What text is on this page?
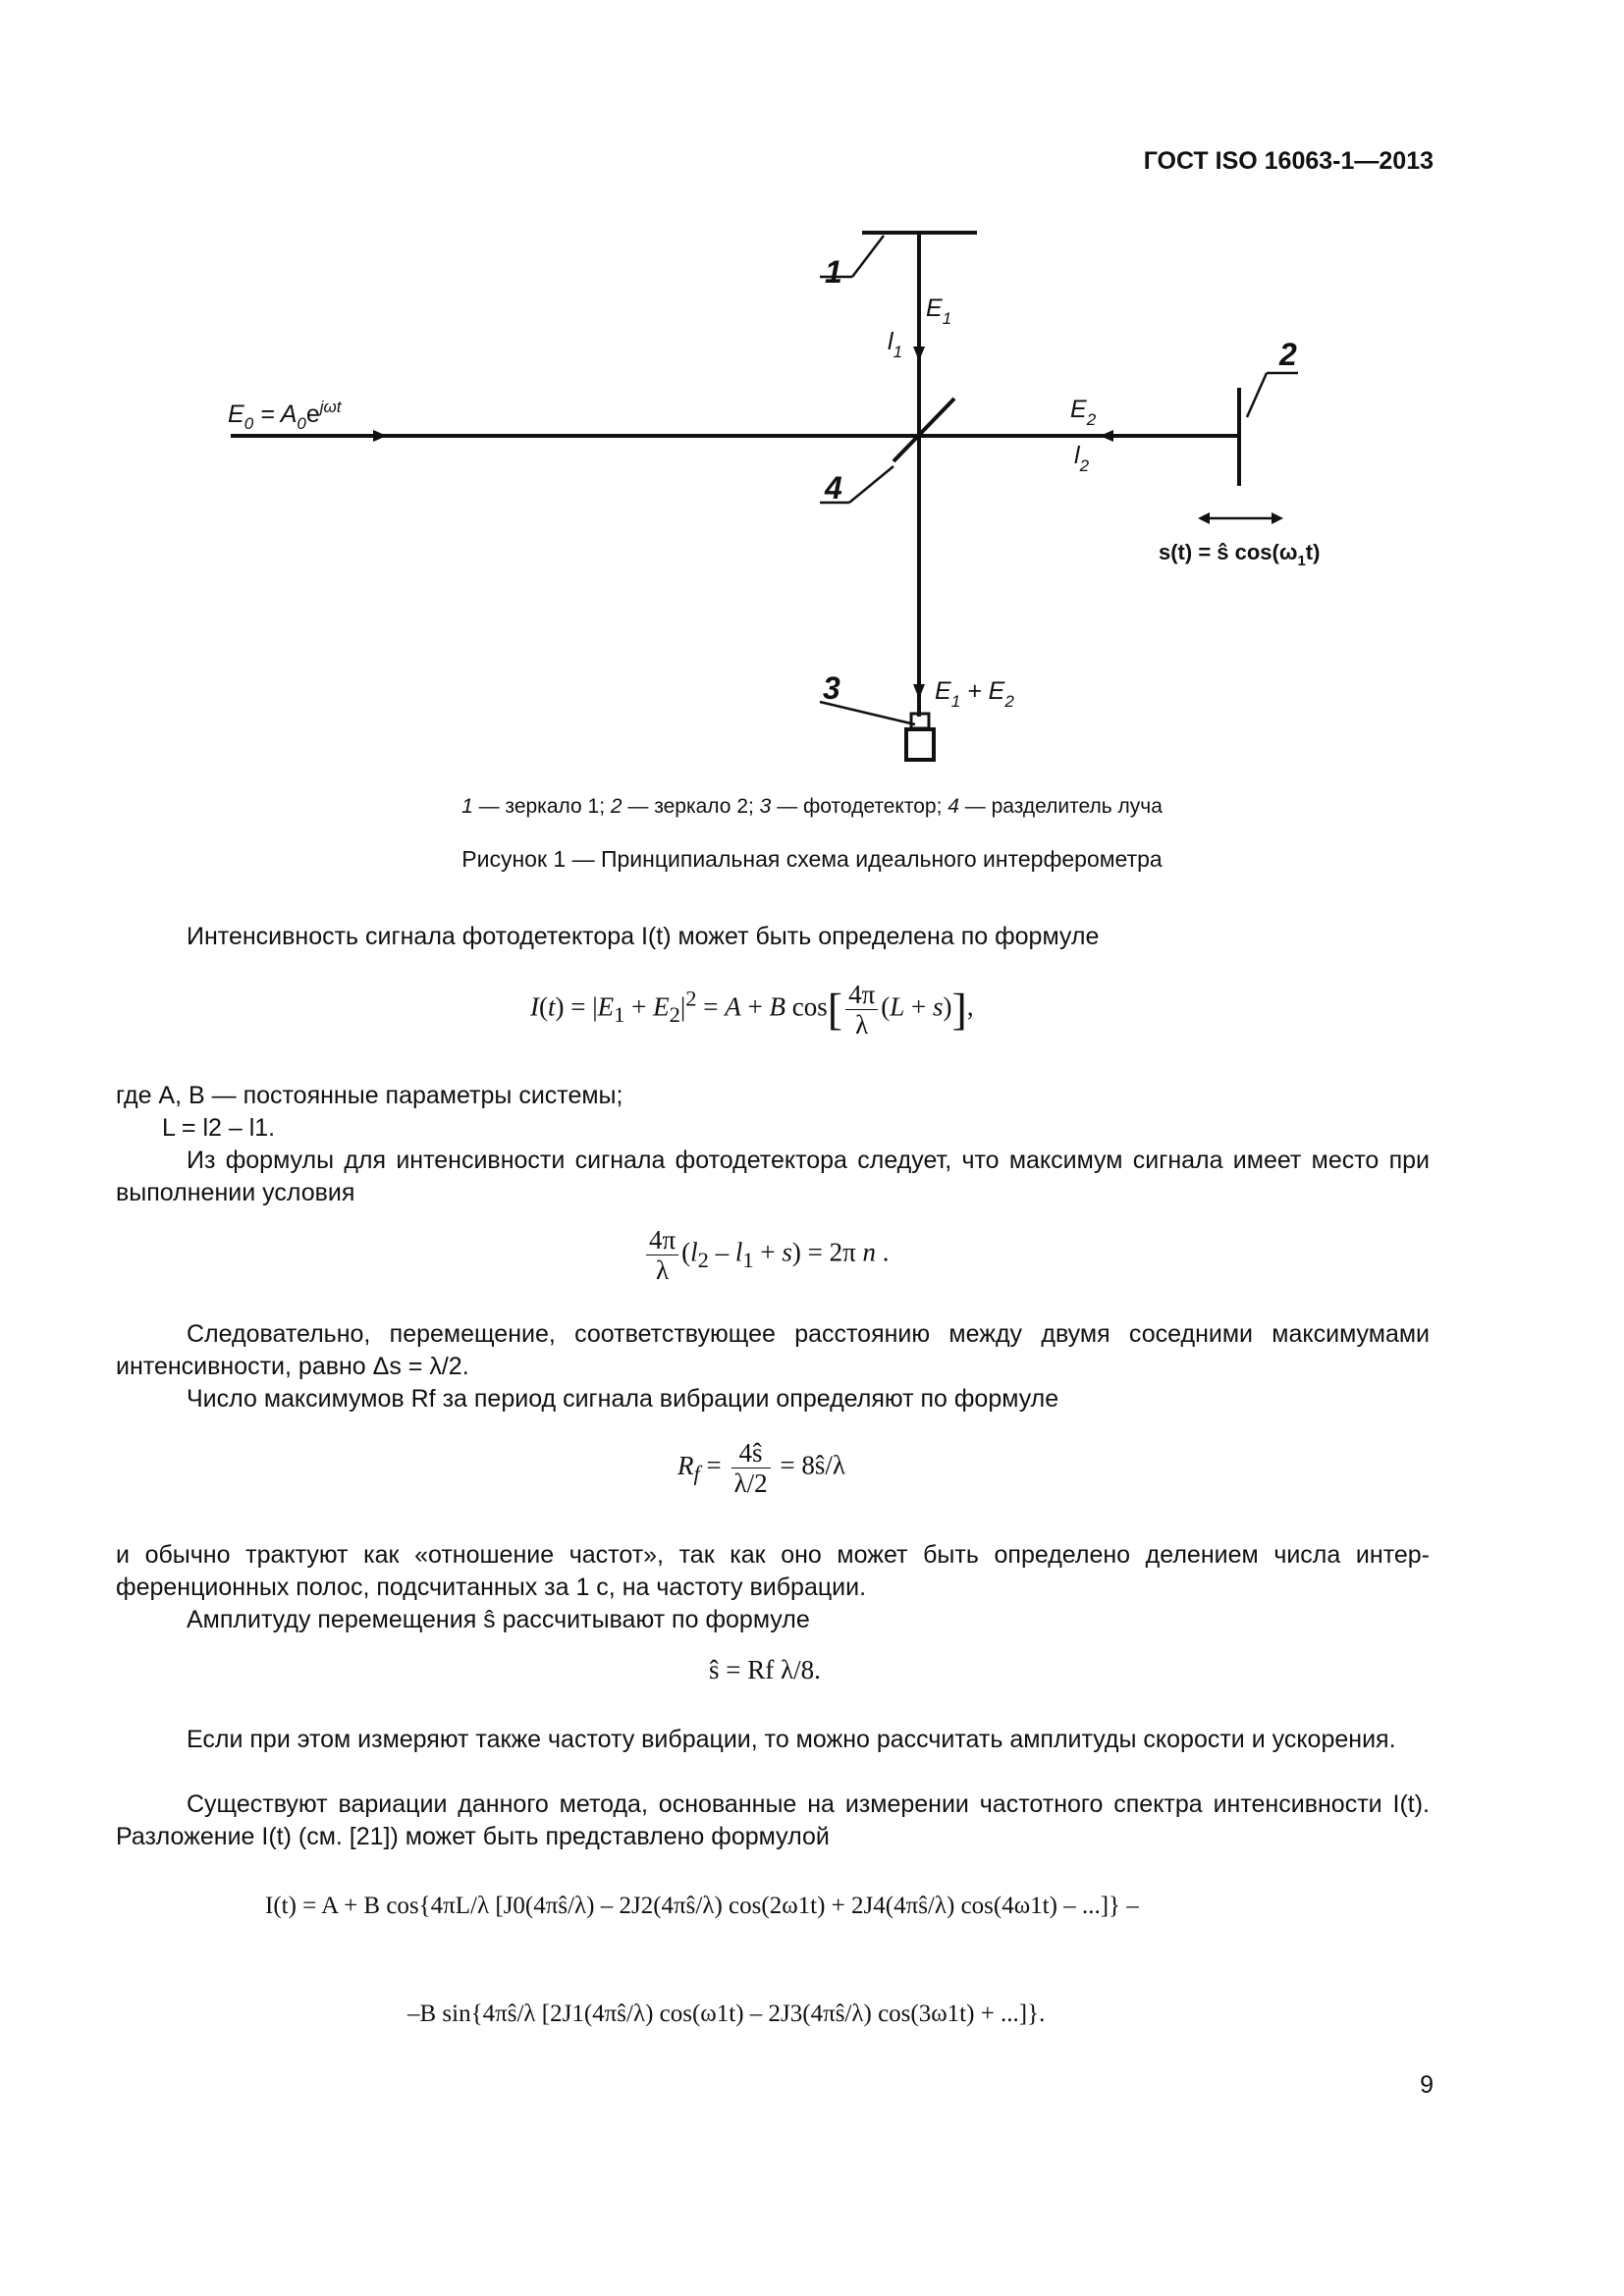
ГОСТ ISO 16063-1—2013
1
2
3
4
$E_1$
$l_1$
$E_2$
$l_2$
$E_0 = A_0e^{j\omega t}$
$E_1 + E_2$
s(t) = ŝ $\cos(\omega_1t)$
1 — зеркало 1; 2 — зеркало 2; 3 — фотодетектор; 4 — разделитель луча
Рисунок 1 — Принципиальная схема идеального интерферометра
Интенсивность сигнала фотодетектора I(t) может быть определена по формуле
$I(t) = |E_1 + E_2|^2 = A + B$ $\cos[ \frac{4\pi}{\lambda} (L + s)]$,
где A, B — постоянные параметры системы;
L = l2 – l1.
Из формулы для интенсивности сигнала фотодетектора следует, что максимум сигнала имеет место при выполнении условия
$\frac{4\pi}{\lambda} (l_2 - l_1 + s) = 2\pi$ n .
Следовательно, перемещение, соответствующее расстоянию между двумя соседними максимумами интенсивности, равно Δs = λ/2.
Число максимумов Rf за период сигнала вибрации определяют по формуле
$R_f = \frac{4ŝ}{\lambda/2}$ = 8ŝ/λ
и обычно трактуют как «отношение частот», так как оно может быть определено делением числа интерференционных полос, подсчитанных за 1 с, на частоту вибрации.
Амплитуду перемещения ŝ рассчитывают по формуле
ŝ = Rf λ/8.
Если при этом измеряют также частоту вибрации, то можно рассчитать амплитуды скорости и ускорения.
Существуют вариации данного метода, основанные на измерении частотного спектра интенсивности I(t). Разложение I(t) (см. [21]) может быть представлено формулой
I(t) = A + B cos{4πL/λ [J0(4πŝ/λ) – 2J2(4πŝ/λ) cos(2ω1t) + 2J4(4πŝ/λ) cos(4ω1t) – ...]} –
–B sin{4πŝ/λ [2J1(4πŝ/λ) cos(ω1t) – 2J3(4πŝ/λ) cos(3ω1t) + ...]}.
9
